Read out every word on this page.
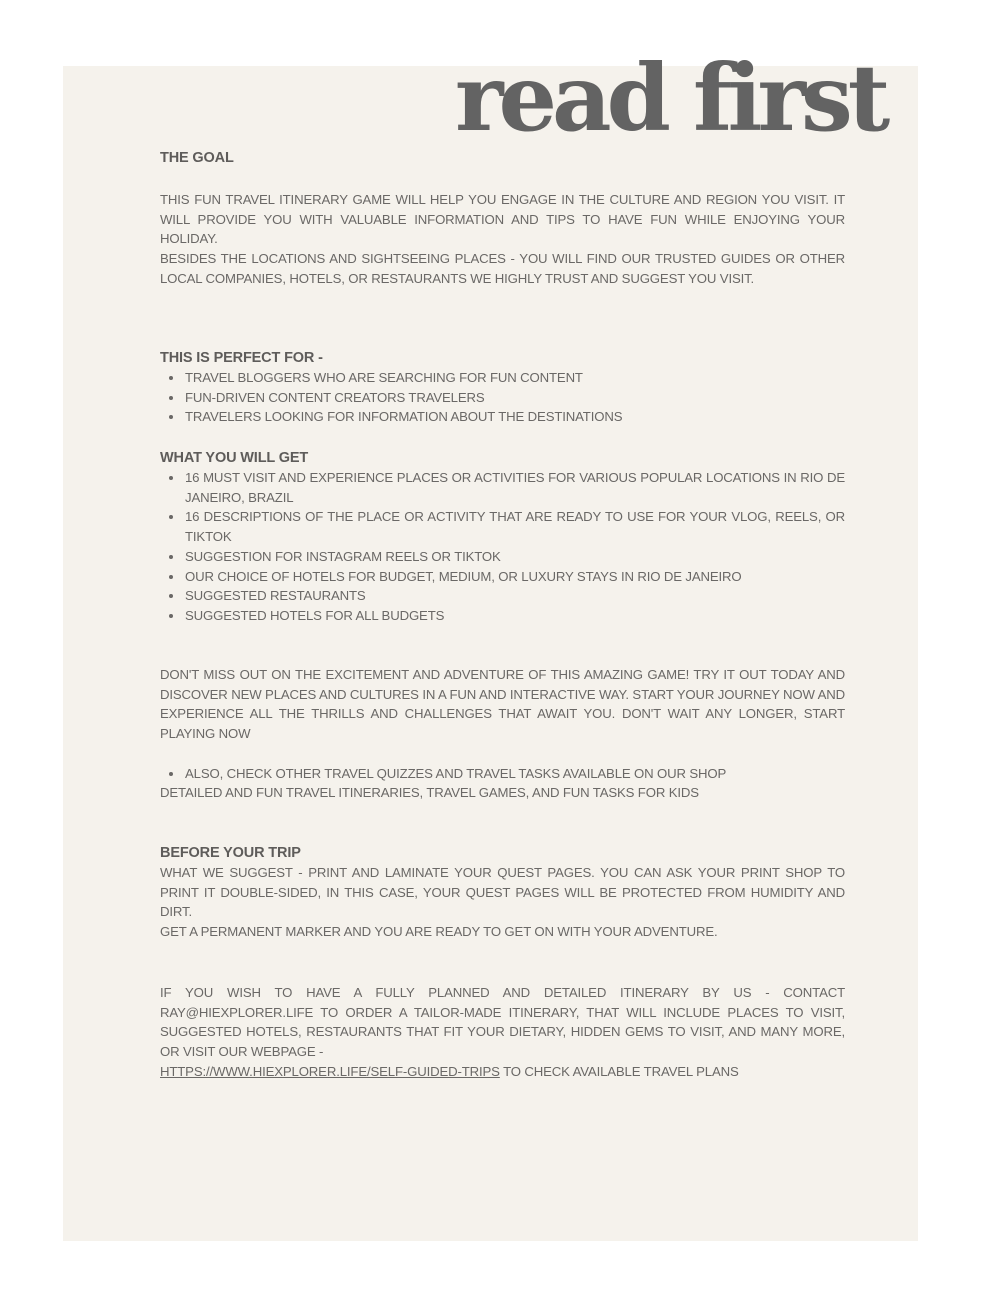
read first
THE GOAL
THIS FUN TRAVEL ITINERARY GAME WILL HELP YOU ENGAGE IN THE CULTURE AND REGION YOU VISIT. IT WILL PROVIDE YOU WITH VALUABLE INFORMATION AND TIPS TO HAVE FUN WHILE ENJOYING YOUR HOLIDAY.
BESIDES THE LOCATIONS AND SIGHTSEEING PLACES - YOU WILL FIND OUR TRUSTED GUIDES OR OTHER LOCAL COMPANIES, HOTELS, OR RESTAURANTS WE HIGHLY TRUST AND SUGGEST YOU VISIT.
THIS IS PERFECT FOR -
TRAVEL BLOGGERS WHO ARE SEARCHING FOR FUN CONTENT
FUN-DRIVEN CONTENT CREATORS TRAVELERS
TRAVELERS LOOKING FOR INFORMATION ABOUT THE DESTINATIONS
WHAT YOU WILL GET
16 MUST VISIT AND EXPERIENCE PLACES OR ACTIVITIES FOR VARIOUS POPULAR LOCATIONS IN RIO DE JANEIRO, BRAZIL
16 DESCRIPTIONS OF THE PLACE OR ACTIVITY THAT ARE READY TO USE FOR YOUR VLOG, REELS, OR TIKTOK
SUGGESTION FOR INSTAGRAM REELS OR TIKTOK
OUR CHOICE OF HOTELS FOR BUDGET, MEDIUM, OR LUXURY STAYS IN RIO DE JANEIRO
SUGGESTED RESTAURANTS
SUGGESTED HOTELS FOR ALL BUDGETS
DON'T MISS OUT ON THE EXCITEMENT AND ADVENTURE OF THIS AMAZING GAME! TRY IT OUT TODAY AND DISCOVER NEW PLACES AND CULTURES IN A FUN AND INTERACTIVE WAY. START YOUR JOURNEY NOW AND EXPERIENCE ALL THE THRILLS AND CHALLENGES THAT AWAIT YOU. DON'T WAIT ANY LONGER, START PLAYING NOW
ALSO, CHECK OTHER TRAVEL QUIZZES AND TRAVEL TASKS AVAILABLE ON OUR SHOP
DETAILED AND FUN TRAVEL ITINERARIES, TRAVEL GAMES, AND FUN TASKS FOR KIDS
BEFORE YOUR TRIP
WHAT WE SUGGEST - PRINT AND LAMINATE YOUR QUEST PAGES. YOU CAN ASK YOUR PRINT SHOP TO PRINT IT DOUBLE-SIDED, IN THIS CASE, YOUR QUEST PAGES WILL BE PROTECTED FROM HUMIDITY AND DIRT.
GET A PERMANENT MARKER AND YOU ARE READY TO GET ON WITH YOUR ADVENTURE.
IF YOU WISH TO HAVE A FULLY PLANNED AND DETAILED ITINERARY BY US - CONTACT RAY@HIEXPLORER.LIFE TO ORDER A TAILOR-MADE ITINERARY, THAT WILL INCLUDE PLACES TO VISIT, SUGGESTED HOTELS, RESTAURANTS THAT FIT YOUR DIETARY, HIDDEN GEMS TO VISIT, AND MANY MORE, OR VISIT OUR WEBPAGE -
HTTPS://WWW.HIEXPLORER.LIFE/SELF-GUIDED-TRIPS TO CHECK AVAILABLE TRAVEL PLANS
